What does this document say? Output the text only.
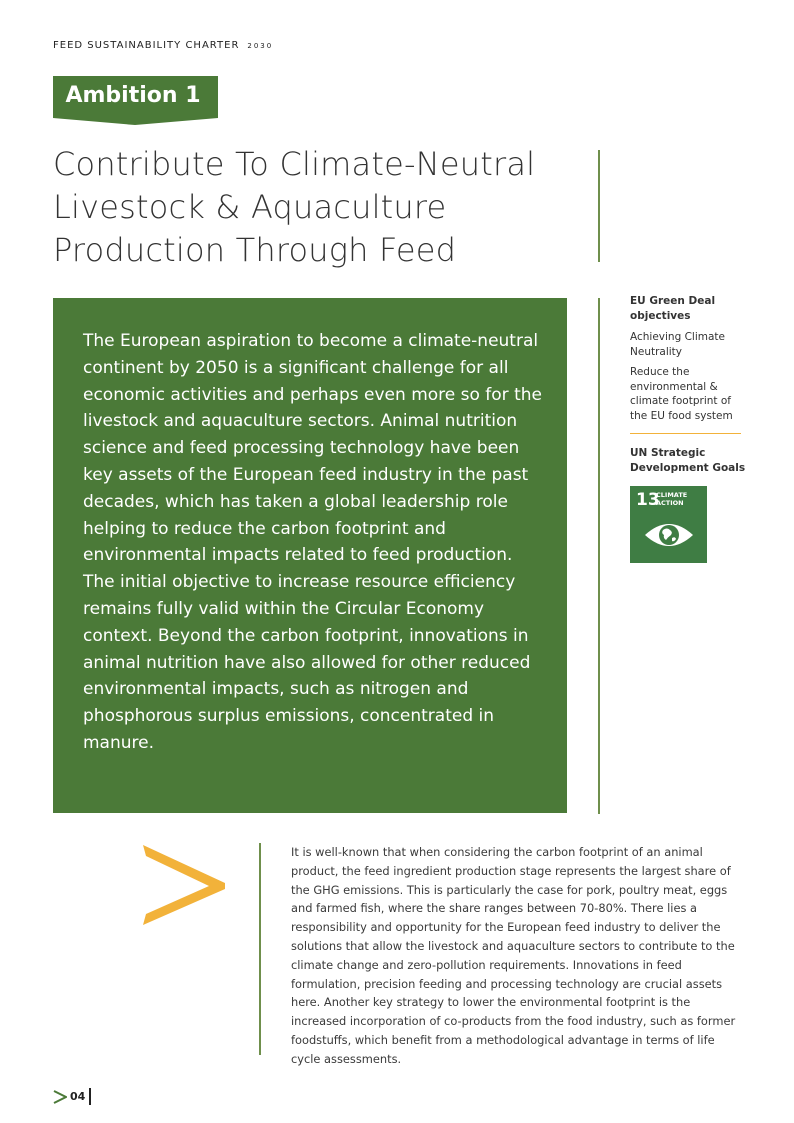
FEED SUSTAINABILITY CHARTER 2030
Ambition 1
Contribute To Climate-Neutral
Livestock & Aquaculture
Production Through Feed

The European aspiration to become a climate-neutral continent by 2050 is a significant challenge for all economic activities and perhaps even more so for the livestock and aquaculture sectors. Animal nutrition science and feed processing technology have been key assets of the European feed industry in the past decades, which has taken a global leadership role helping to reduce the carbon footprint and environmental impacts related to feed production. The initial objective to increase resource efficiency remains fully valid within the Circular Economy context. Beyond the carbon footprint, innovations in animal nutrition have also allowed for other reduced environmental impacts, such as nitrogen and phosphorous surplus emissions, concentrated in manure.

EU Green Deal objectives

Achieving Climate Neutrality

Reduce the environmental & climate footprint of the EU food system

UN Strategic Development Goals

13
CLIMATE
ACTION

It is well-known that when considering the carbon footprint of an animal product, the feed ingredient production stage represents the largest share of the GHG emissions. This is particularly the case for pork, poultry meat, eggs and farmed fish, where the share ranges between 70-80%. There lies a responsibility and opportunity for the European feed industry to deliver the solutions that allow the livestock and aquaculture sectors to contribute to the climate change and zero-pollution requirements. Innovations in feed formulation, precision feeding and processing technology are crucial assets here. Another key strategy to lower the environmental footprint is the increased incorporation of co-products from the food industry, such as former foodstuffs, which benefit from a methodological advantage in terms of life cycle assessments.

04
